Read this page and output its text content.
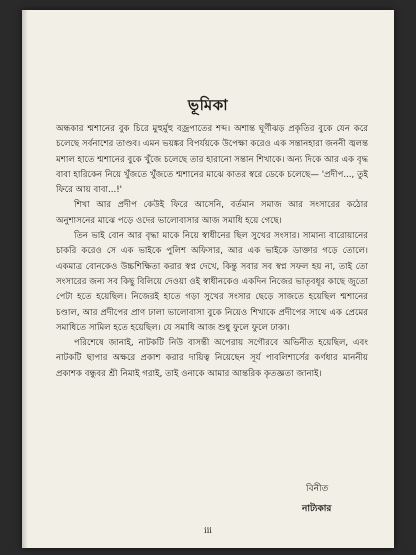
ভূমিকা

অন্ধকার শ্মশানের বুক চিরে মুহুর্মুহু বজ্রপাতের শব্দ। অশান্ত ঘূর্ণীঝড় প্রকৃতির বুকে যেন করে চলেছে সর্বনাশের তাণ্ডব। এমন ভয়ঙ্কর বিপর্যয়কে উপেক্ষা করেও এক সন্তানহারা জননী জ্বলন্ত মশাল হাতে শ্মশানের বুকে খুঁজে চলেছে তার হারানো সন্তান শিখাকে। অন্য দিকে আর এক বৃদ্ধ বাবা হারিকেন নিয়ে খুঁজতে খুঁজতে শ্মশানের মাঝে কাতর স্বরে ডেকে চলেছে— 'প্রদীপ..., তুই ফিরে আয় বাবা...!'

শিখা আর প্রদীপ কেউই ফিরে আসেনি, বর্তমান সমাজ আর সংসারের কঠোর অনুশাসনের মাঝে পড়ে ওদের ভালোবাসার আজ সমাধি হয়ে গেছে।

তিন ভাই বোন আর বৃদ্ধা মাকে নিয়ে স্বাধীনের ছিল সুখের সংসার। সামান্য বারোয়ানের চাকরি করেও সে এক ভাইকে পুলিশ অফিসার, আর এক ভাইকে ডাক্তার গড়ে তোলে। একমাত্র বোনকেও উচ্চশিক্ষিতা করার স্বপ্ন দেখে, কিন্তু সবার সব স্বপ্ন সফল হয় না, তাই তো সংসারের জন্য সব কিছু বিলিয়ে দেওয়া ওই স্বাধীনকেও একদিন নিজের ভাতৃবধূর কাছে জুতো পেটা হতে হয়েছিল। নিজেরই হাতে গড়া সুখের সংসার ছেড়ে সাজতে হয়েছিল শ্মশানের চণ্ডাল, আর প্রদীপের প্রাণ ঢালা ভালোবাসা বুকে নিয়েও শিখাকে প্রদীপের সাথে এক প্রেমের সমাধিতে সামিল হতে হয়েছিল। যে সমাধি আজ শুধু ফুলে ফুলে ঢাকা।

পরিশেষে জানাই, নাটকটি নিউ বাসন্তী অপেরায় সগৌরবে অভিনীত হয়েছিল, এবং নাটকটি ছাপার অক্ষরে প্রকাশ করার দায়িত্ব নিয়েছেন সূর্য পাবলিশার্সের কর্ণধার মাননীয় প্রকাশক বন্ধুবর শ্রী নিমাই গরাই, তাই ওনাকে আমার আন্তরিক কৃতজ্ঞতা জানাই।

বিনীত
নাট্যকার
iii
